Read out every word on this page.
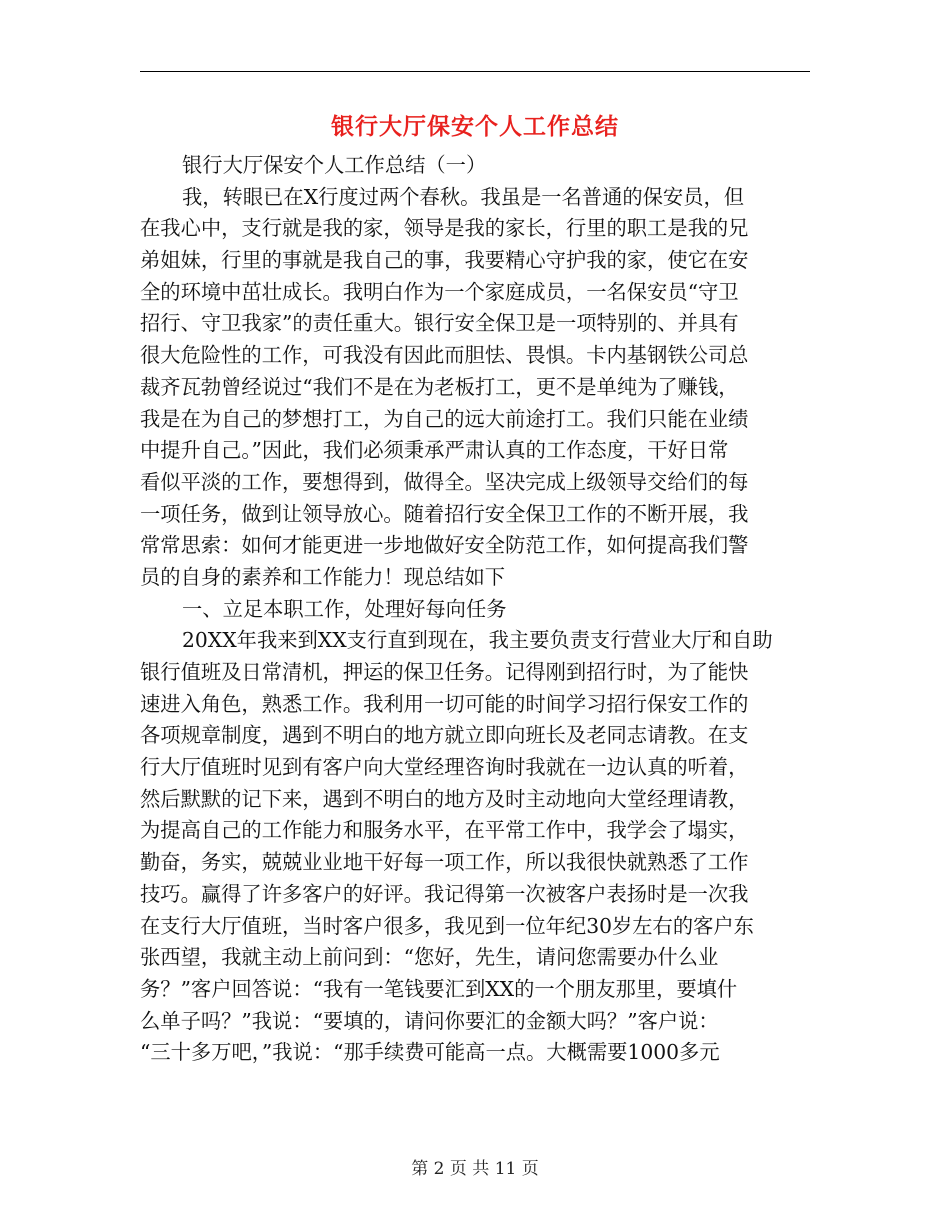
银行大厅保安个人工作总结
银行大厅保安个人工作总结（一）
我，转眼已在X行度过两个春秋。我虽是一名普通的保安员，但
在我心中，支行就是我的家，领导是我的家长，行里的职工是我的兄
弟姐妹，行里的事就是我自己的事，我要精心守护我的家，使它在安
全的环境中茁壮成长。我明白作为一个家庭成员，一名保安员“守卫
招行、守卫我家”的责任重大。银行安全保卫是一项特别的、并具有
很大危险性的工作，可我没有因此而胆怯、畏惧。卡内基钢铁公司总
裁齐瓦勃曾经说过“我们不是在为老板打工，更不是单纯为了赚钱，
我是在为自己的梦想打工，为自己的远大前途打工。我们只能在业绩
中提升自己。”因此，我们必须秉承严肃认真的工作态度，干好日常
看似平淡的工作，要想得到，做得全。坚决完成上级领导交给们的每
一项任务，做到让领导放心。随着招行安全保卫工作的不断开展，我
常常思索：如何才能更进一步地做好安全防范工作，如何提高我们警
员的自身的素养和工作能力！现总结如下
一、立足本职工作，处理好每向任务
20XX年我来到XX支行直到现在，我主要负责支行营业大厅和自助
银行值班及日常清机，押运的保卫任务。记得刚到招行时，为了能快
速进入角色，熟悉工作。我利用一切可能的时间学习招行保安工作的
各项规章制度，遇到不明白的地方就立即向班长及老同志请教。在支
行大厅值班时见到有客户向大堂经理咨询时我就在一边认真的听着，
然后默默的记下来，遇到不明白的地方及时主动地向大堂经理请教，
为提高自己的工作能力和服务水平，在平常工作中，我学会了塌实，
勤奋，务实，兢兢业业地干好每一项工作，所以我很快就熟悉了工作
技巧。赢得了许多客户的好评。我记得第一次被客户表扬时是一次我
在支行大厅值班，当时客户很多，我见到一位年纪30岁左右的客户东
张西望，我就主动上前问到：“您好，先生，请问您需要办什么业
务？”客户回答说：“我有一笔钱要汇到XX的一个朋友那里，要填什
么单子吗？”我说：“要填的，请问你要汇的金额大吗？”客户说：
“三十多万吧，”我说：“那手续费可能高一点。大概需要1000多元
第 2 页 共 11 页
